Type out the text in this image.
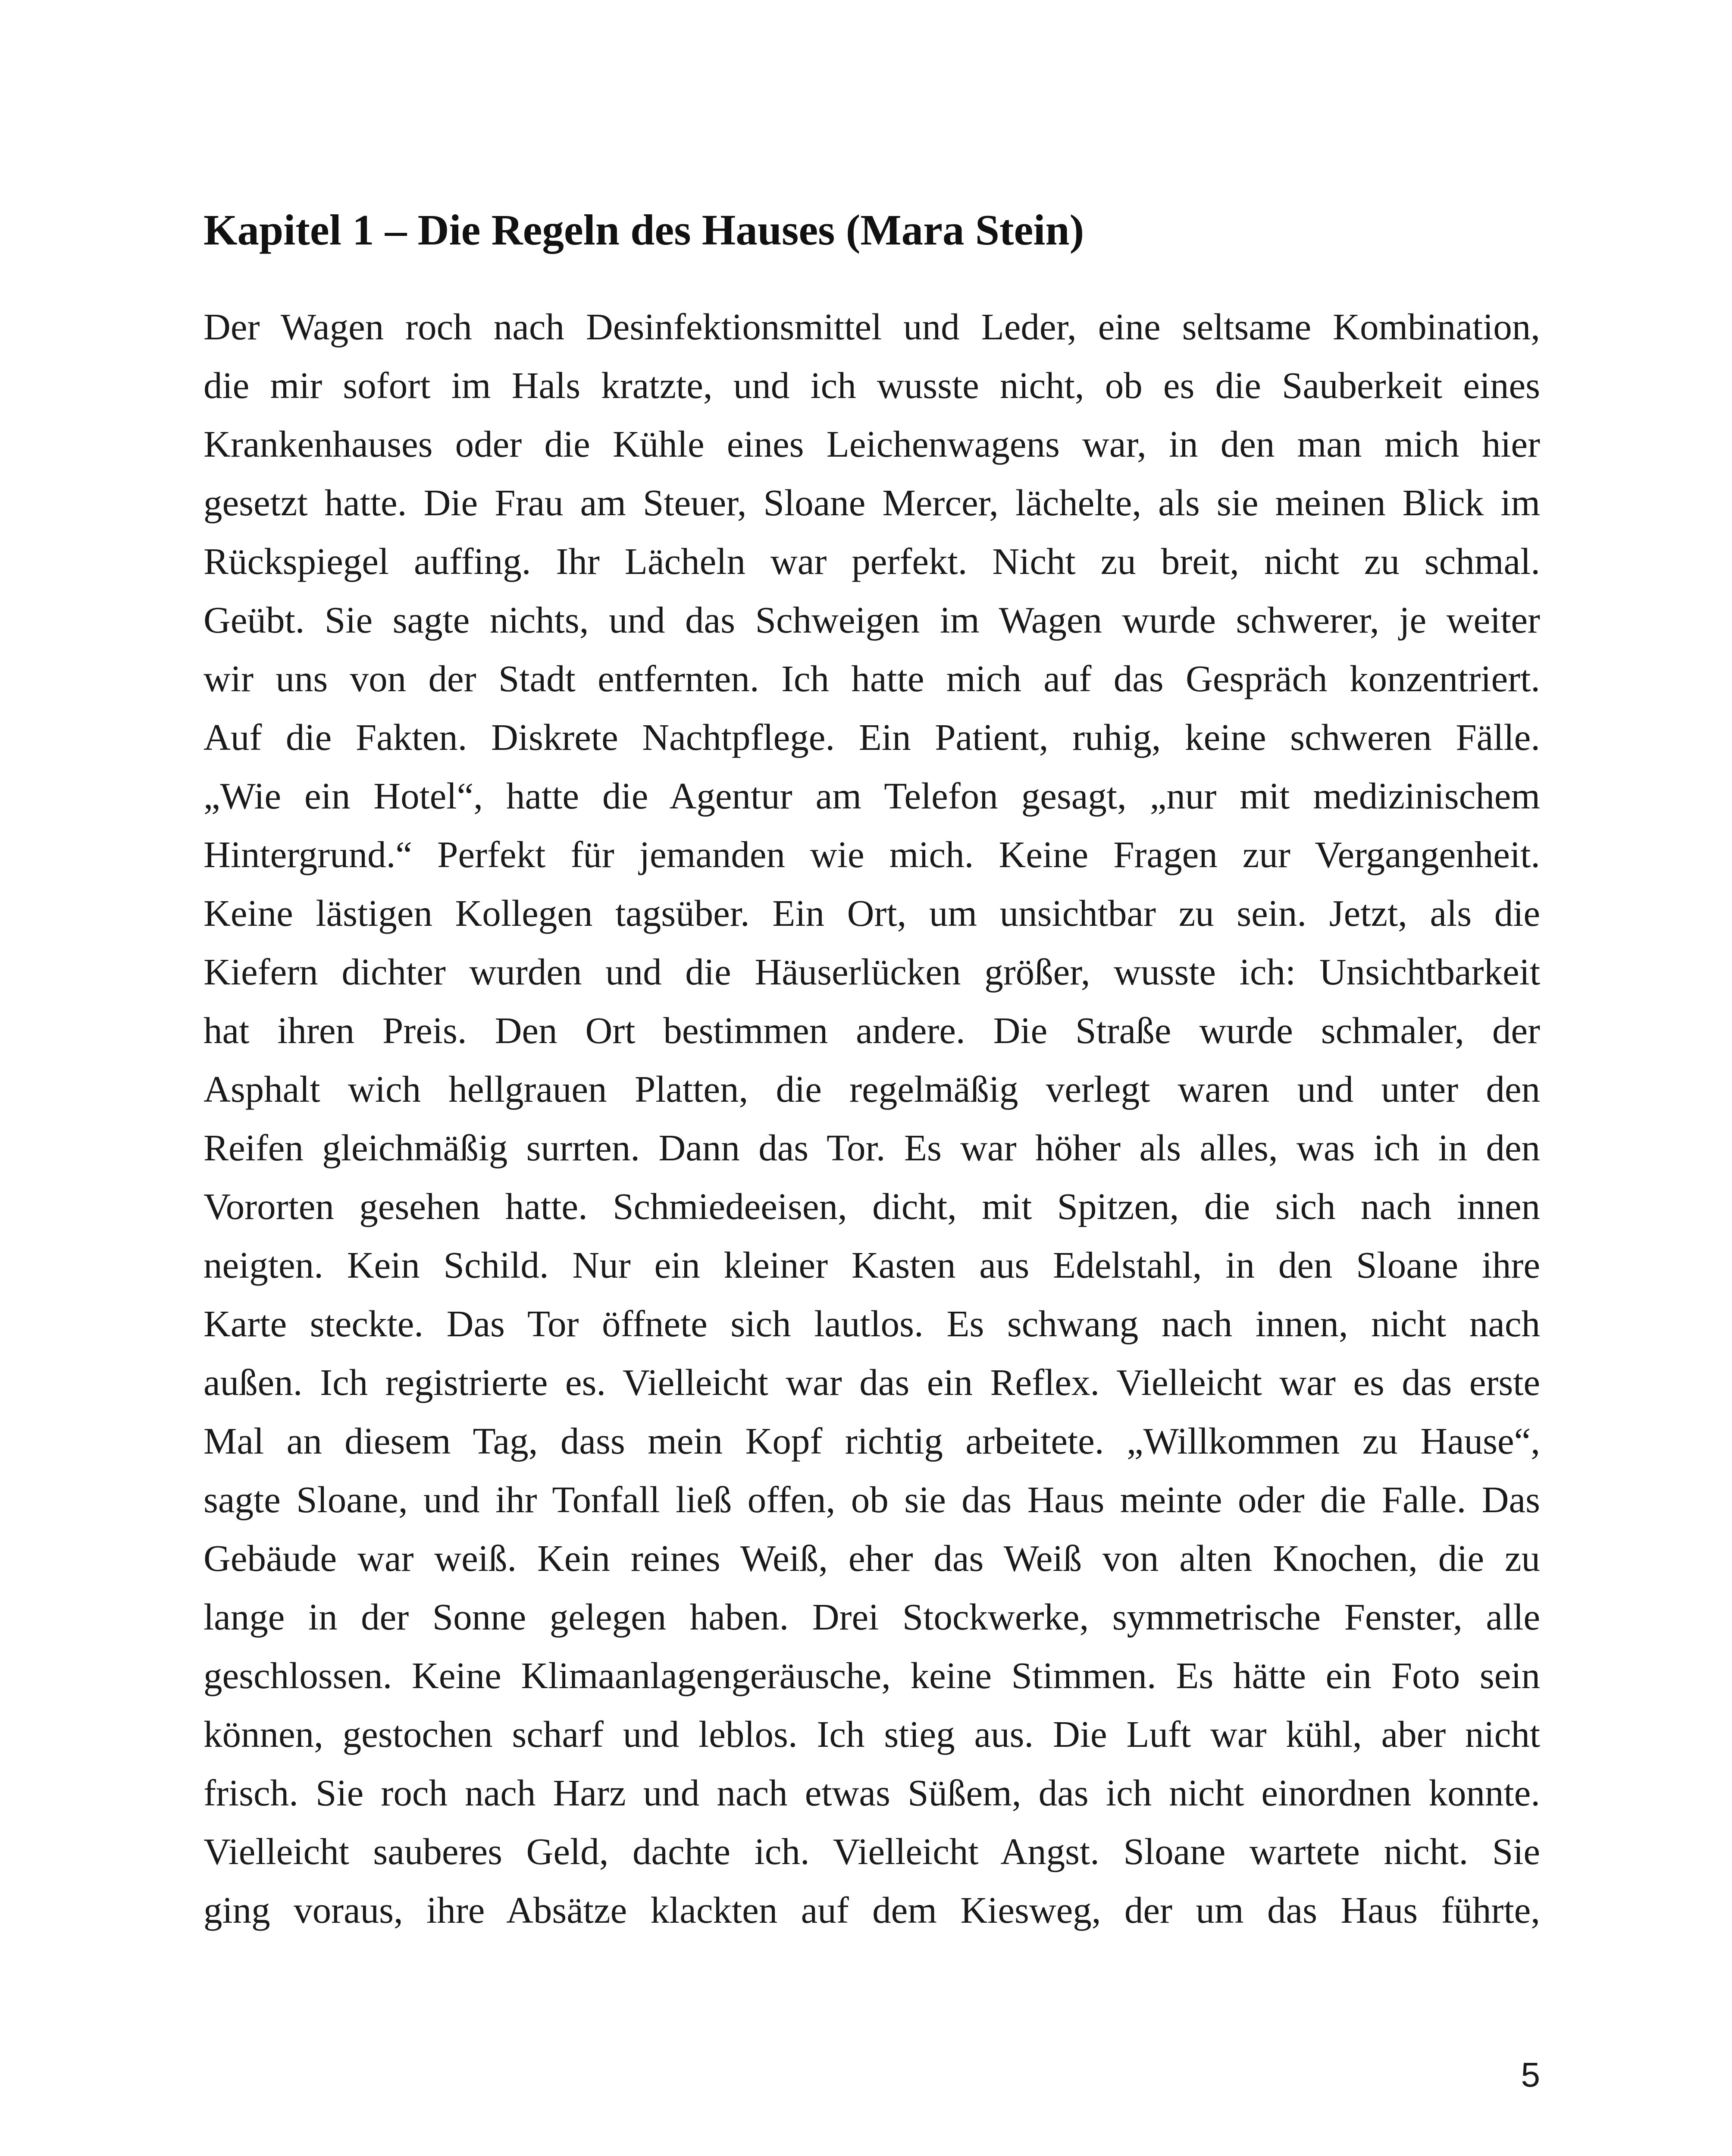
Kapitel 1 – Die Regeln des Hauses (Mara Stein)
Der Wagen roch nach Desinfektionsmittel und Leder, eine seltsame Kombination,
die mir sofort im Hals kratzte, und ich wusste nicht, ob es die Sauberkeit eines
Krankenhauses oder die Kühle eines Leichenwagens war, in den man mich hier
gesetzt hatte. Die Frau am Steuer, Sloane Mercer, lächelte, als sie meinen Blick im
Rückspiegel auffing. Ihr Lächeln war perfekt. Nicht zu breit, nicht zu schmal.
Geübt. Sie sagte nichts, und das Schweigen im Wagen wurde schwerer, je weiter
wir uns von der Stadt entfernten. Ich hatte mich auf das Gespräch konzentriert.
Auf die Fakten. Diskrete Nachtpflege. Ein Patient, ruhig, keine schweren Fälle.
„Wie ein Hotel“, hatte die Agentur am Telefon gesagt, „nur mit medizinischem
Hintergrund.“ Perfekt für jemanden wie mich. Keine Fragen zur Vergangenheit.
Keine lästigen Kollegen tagsüber. Ein Ort, um unsichtbar zu sein. Jetzt, als die
Kiefern dichter wurden und die Häuserlücken größer, wusste ich: Unsichtbarkeit
hat ihren Preis. Den Ort bestimmen andere. Die Straße wurde schmaler, der
Asphalt wich hellgrauen Platten, die regelmäßig verlegt waren und unter den
Reifen gleichmäßig surrten. Dann das Tor. Es war höher als alles, was ich in den
Vororten gesehen hatte. Schmiedeeisen, dicht, mit Spitzen, die sich nach innen
neigten. Kein Schild. Nur ein kleiner Kasten aus Edelstahl, in den Sloane ihre
Karte steckte. Das Tor öffnete sich lautlos. Es schwang nach innen, nicht nach
außen. Ich registrierte es. Vielleicht war das ein Reflex. Vielleicht war es das erste
Mal an diesem Tag, dass mein Kopf richtig arbeitete. „Willkommen zu Hause“,
sagte Sloane, und ihr Tonfall ließ offen, ob sie das Haus meinte oder die Falle. Das
Gebäude war weiß. Kein reines Weiß, eher das Weiß von alten Knochen, die zu
lange in der Sonne gelegen haben. Drei Stockwerke, symmetrische Fenster, alle
geschlossen. Keine Klimaanlagengeräusche, keine Stimmen. Es hätte ein Foto sein
können, gestochen scharf und leblos. Ich stieg aus. Die Luft war kühl, aber nicht
frisch. Sie roch nach Harz und nach etwas Süßem, das ich nicht einordnen konnte.
Vielleicht sauberes Geld, dachte ich. Vielleicht Angst. Sloane wartete nicht. Sie
ging voraus, ihre Absätze klackten auf dem Kiesweg, der um das Haus führte,

5
